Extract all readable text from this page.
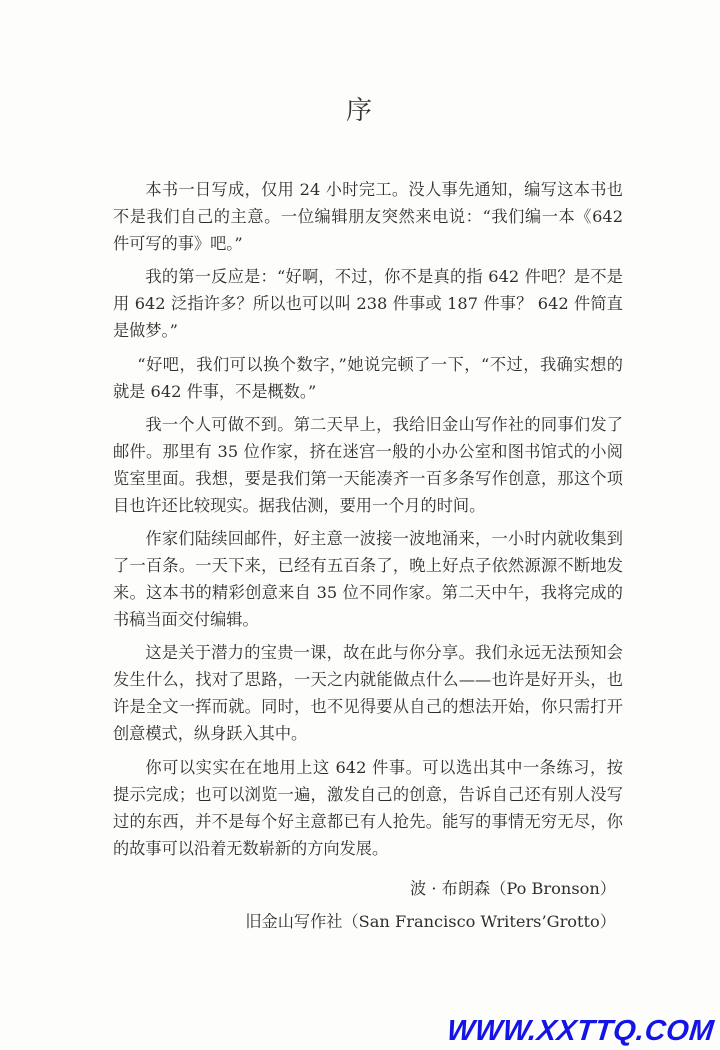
序

本书一日写成，仅用 24 小时完工。没人事先通知，编写这本书也不是我们自己的主意。一位编辑朋友突然来电说：“我们编一本《642 件可写的事》吧。”

我的第一反应是：“好啊，不过，你不是真的指 642 件吧？是不是用 642 泛指许多？所以也可以叫 238 件事或 187 件事？ 642 件简直是做梦。”

“好吧，我们可以换个数字，”她说完顿了一下，“不过，我确实想的就是 642 件事，不是概数。”

我一个人可做不到。第二天早上，我给旧金山写作社的同事们发了邮件。那里有 35 位作家，挤在迷宫一般的小办公室和图书馆式的小阅览室里面。我想，要是我们第一天能凑齐一百多条写作创意，那这个项目也许还比较现实。据我估测，要用一个月的时间。

作家们陆续回邮件，好主意一波接一波地涌来，一小时内就收集到了一百条。一天下来，已经有五百条了，晚上好点子依然源源不断地发来。这本书的精彩创意来自 35 位不同作家。第二天中午，我将完成的书稿当面交付编辑。

这是关于潜力的宝贵一课，故在此与你分享。我们永远无法预知会发生什么，找对了思路，一天之内就能做点什么——也许是好开头，也许是全文一挥而就。同时，也不见得要从自己的想法开始，你只需打开创意模式，纵身跃入其中。

你可以实实在在地用上这 642 件事。可以选出其中一条练习，按提示完成；也可以浏览一遍，激发自己的创意，告诉自己还有别人没写过的东西，并不是每个好主意都已有人抢先。能写的事情无穷无尽，你的故事可以沿着无数崭新的方向发展。

波 · 布朗森（Po Bronson）
旧金山写作社（San Francisco Writers’Grotto）
WWW.XXTTQ.COM
